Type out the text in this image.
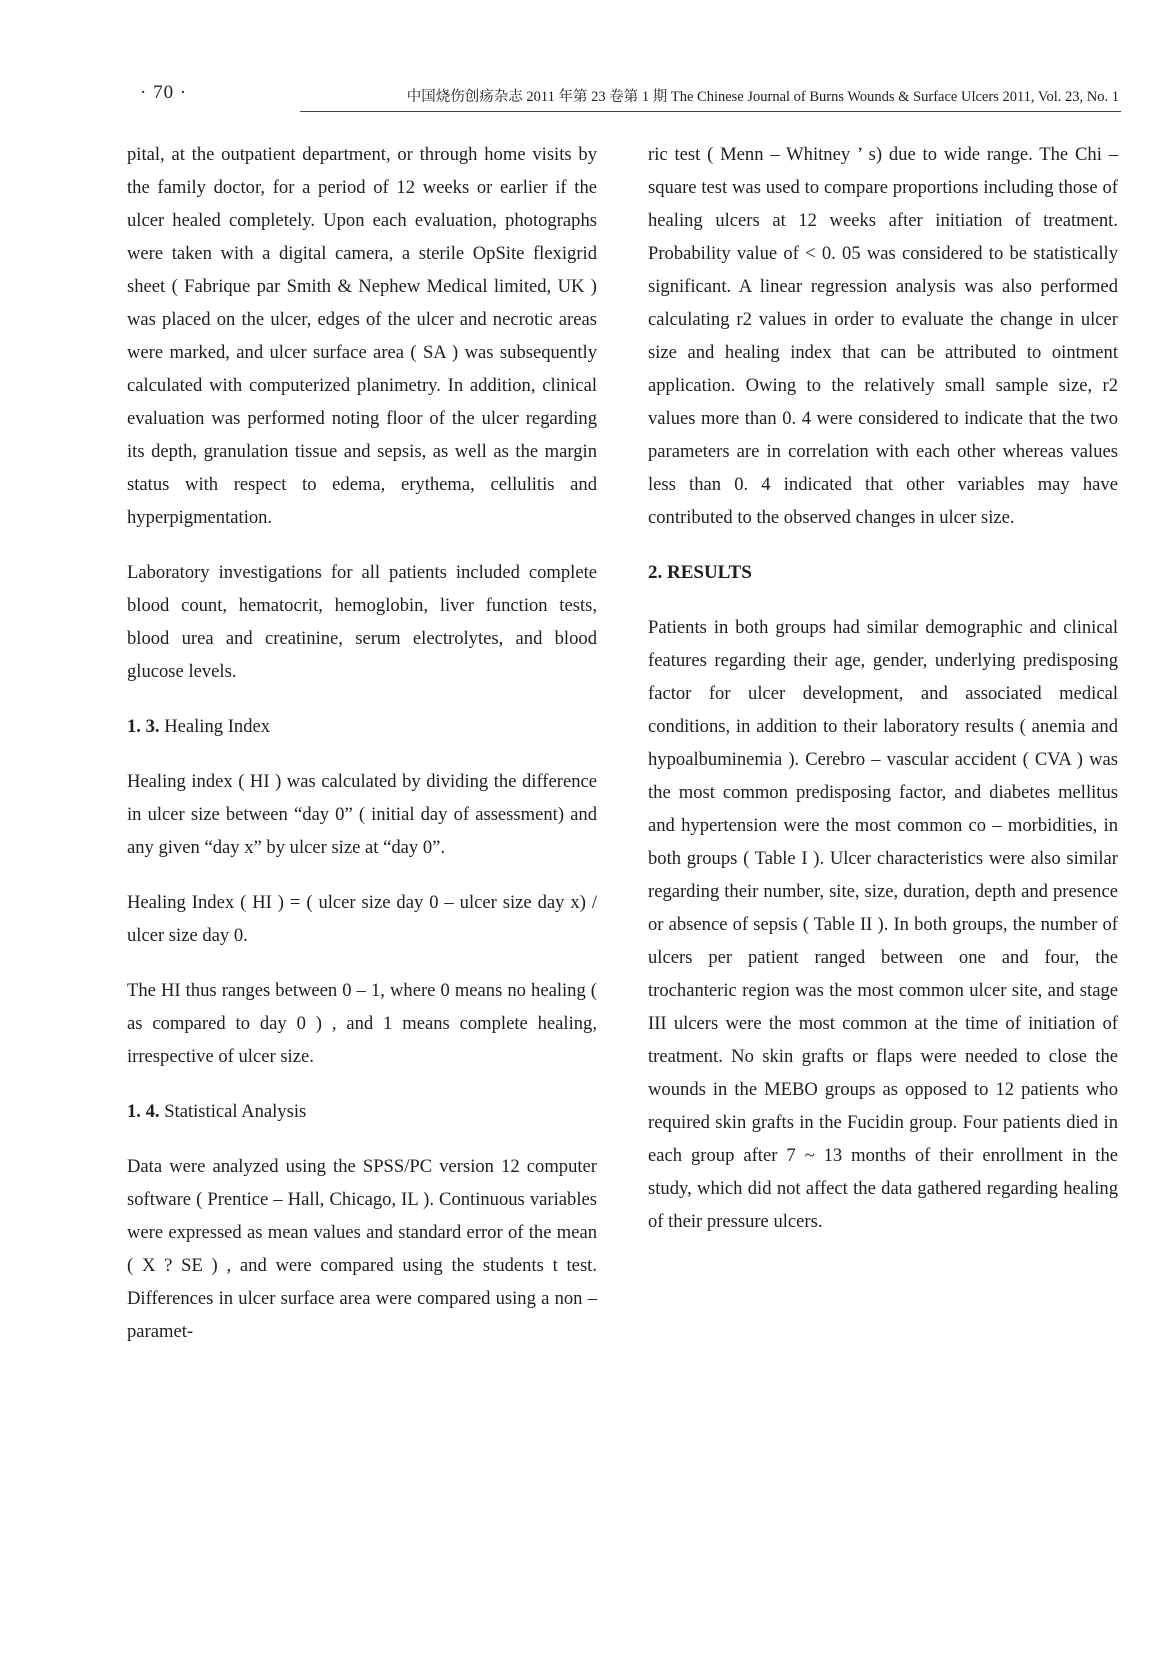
· 70 ·	中国烧伤创疡杂志 2011 年第 23 卷第 1 期 The Chinese Journal of Burns Wounds & Surface Ulcers 2011, Vol. 23, No. 1

pital, at the outpatient department, or through home visits by the family doctor, for a period of 12 weeks or earlier if the ulcer healed completely. Upon each evaluation, photographs were taken with a digital camera, a sterile OpSite flexigrid sheet ( Fabrique par Smith & Nephew Medical limited, UK ) was placed on the ulcer, edges of the ulcer and necrotic areas were marked, and ulcer surface area ( SA ) was subsequently calculated with computerized planimetry. In addition, clinical evaluation was performed noting floor of the ulcer regarding its depth, granulation tissue and sepsis, as well as the margin status with respect to edema, erythema, cellulitis and hyperpigmentation.

Laboratory investigations for all patients included complete blood count, hematocrit, hemoglobin, liver function tests, blood urea and creatinine, serum electrolytes, and blood glucose levels.

1. 3. Healing Index

Healing index ( HI ) was calculated by dividing the difference in ulcer size between “day 0” ( initial day of assessment) and any given “day x” by ulcer size at “day 0”.

Healing Index ( HI ) = ( ulcer size day 0 – ulcer size day x) / ulcer size day 0.

The HI thus ranges between 0 – 1, where 0 means no healing ( as compared to day 0 ) , and 1 means complete healing, irrespective of ulcer size.

1. 4. Statistical Analysis

Data were analyzed using the SPSS/PC version 12 computer software ( Prentice – Hall, Chicago, IL ). Continuous variables were expressed as mean values and standard error of the mean ( X ? SE ) , and were compared using the students t test. Differences in ulcer surface area were compared using a non – paramet-

ric test ( Menn – Whitney ’ s) due to wide range. The Chi – square test was used to compare proportions including those of healing ulcers at 12 weeks after initiation of treatment. Probability value of < 0. 05 was considered to be statistically significant. A linear regression analysis was also performed calculating r2 values in order to evaluate the change in ulcer size and healing index that can be attributed to ointment application. Owing to the relatively small sample size, r2 values more than 0. 4 were considered to indicate that the two parameters are in correlation with each other whereas values less than 0. 4 indicated that other variables may have contributed to the observed changes in ulcer size.

2. RESULTS

Patients in both groups had similar demographic and clinical features regarding their age, gender, underlying predisposing factor for ulcer development, and associated medical conditions, in addition to their laboratory results ( anemia and hypoalbuminemia ). Cerebro – vascular accident ( CVA ) was the most common predisposing factor, and diabetes mellitus and hypertension were the most common co – morbidities, in both groups ( Table I ). Ulcer characteristics were also similar regarding their number, site, size, duration, depth and presence or absence of sepsis ( Table II ). In both groups, the number of ulcers per patient ranged between one and four, the trochanteric region was the most common ulcer site, and stage III ulcers were the most common at the time of initiation of treatment. No skin grafts or flaps were needed to close the wounds in the MEBO groups as opposed to 12 patients who required skin grafts in the Fucidin group. Four patients died in each group after 7 ~ 13 months of their enrollment in the study, which did not affect the data gathered regarding healing of their pressure ulcers.
